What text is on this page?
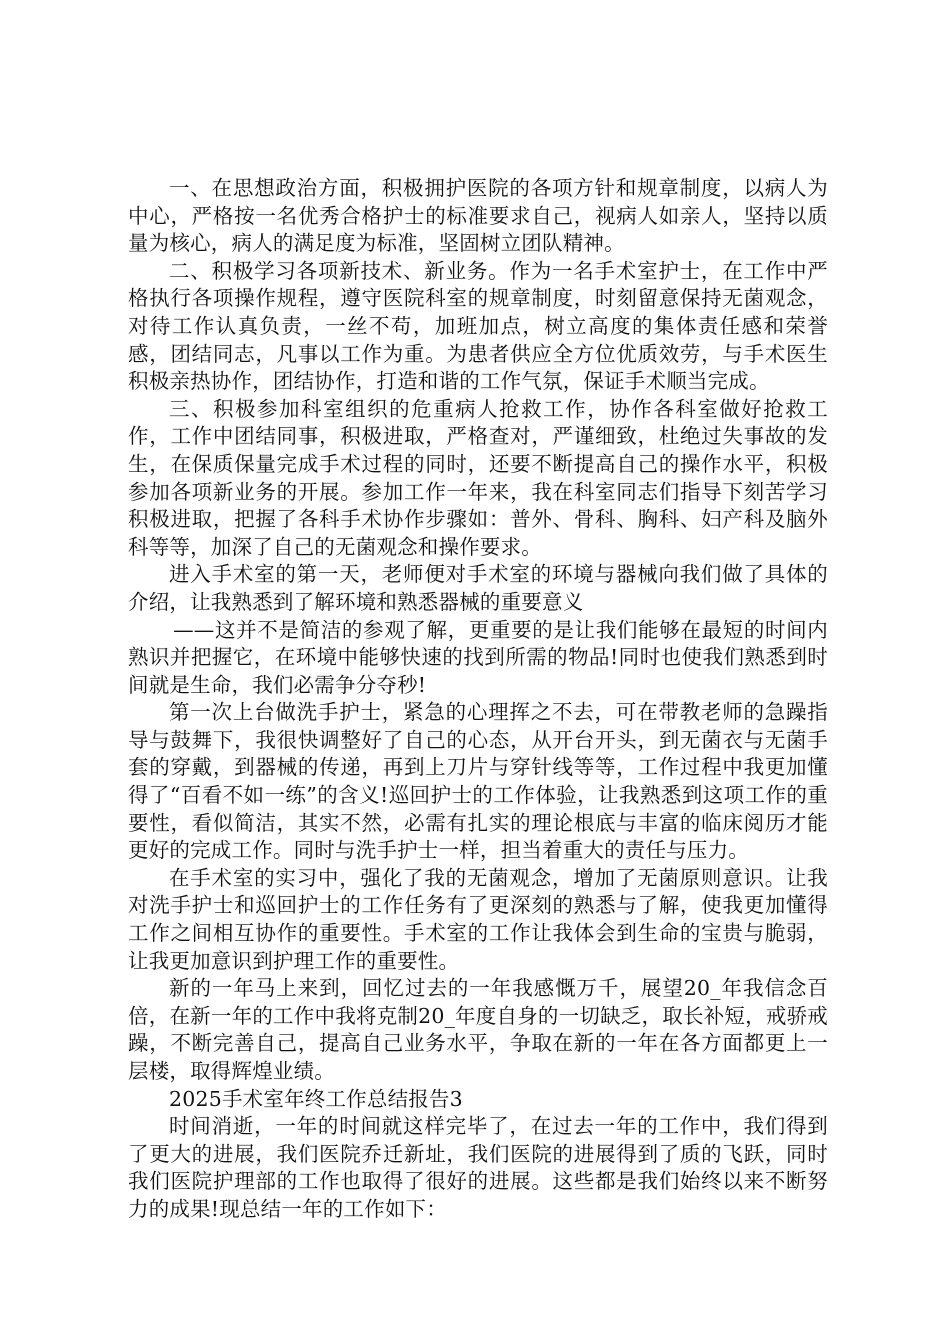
一、在思想政治方面，积极拥护医院的各项方针和规章制度，以病人为中心，严格按一名优秀合格护士的标准要求自己，视病人如亲人，坚持以质量为核心，病人的满足度为标准，坚固树立团队精神。

二、积极学习各项新技术、新业务。作为一名手术室护士，在工作中严格执行各项操作规程，遵守医院科室的规章制度，时刻留意保持无菌观念，对待工作认真负责，一丝不苟，加班加点，树立高度的集体责任感和荣誉感，团结同志，凡事以工作为重。为患者供应全方位优质效劳，与手术医生积极亲热协作，团结协作，打造和谐的工作气氛，保证手术顺当完成。

三、积极参加科室组织的危重病人抢救工作，协作各科室做好抢救工作，工作中团结同事，积极进取，严格查对，严谨细致，杜绝过失事故的发生，在保质保量完成手术过程的同时，还要不断提高自己的操作水平，积极参加各项新业务的开展。参加工作一年来，我在科室同志们指导下刻苦学习积极进取，把握了各科手术协作步骤如：普外、骨科、胸科、妇产科及脑外科等等，加深了自己的无菌观念和操作要求。

进入手术室的第一天，老师便对手术室的环境与器械向我们做了具体的介绍，让我熟悉到了解环境和熟悉器械的重要意义

——这并不是简洁的参观了解，更重要的是让我们能够在最短的时间内熟识并把握它，在环境中能够快速的找到所需的物品!同时也使我们熟悉到时间就是生命，我们必需争分夺秒!

第一次上台做洗手护士，紧急的心理挥之不去，可在带教老师的急躁指导与鼓舞下，我很快调整好了自己的心态，从开台开头，到无菌衣与无菌手套的穿戴，到器械的传递，再到上刀片与穿针线等等，工作过程中我更加懂得了“百看不如一练”的含义!巡回护士的工作体验，让我熟悉到这项工作的重要性，看似简洁，其实不然，必需有扎实的理论根底与丰富的临床阅历才能更好的完成工作。同时与洗手护士一样，担当着重大的责任与压力。

在手术室的实习中，强化了我的无菌观念，增加了无菌原则意识。让我对洗手护士和巡回护士的工作任务有了更深刻的熟悉与了解，使我更加懂得工作之间相互协作的重要性。手术室的工作让我体会到生命的宝贵与脆弱，让我更加意识到护理工作的重要性。

新的一年马上来到，回忆过去的一年我感慨万千，展望20_年我信念百倍，在新一年的工作中我将克制20_年度自身的一切缺乏，取长补短，戒骄戒躁，不断完善自己，提高自己业务水平，争取在新的一年在各方面都更上一层楼，取得辉煌业绩。

2025手术室年终工作总结报告3

时间消逝，一年的时间就这样完毕了，在过去一年的工作中，我们得到了更大的进展，我们医院乔迁新址，我们医院的进展得到了质的飞跃，同时我们医院护理部的工作也取得了很好的进展。这些都是我们始终以来不断努力的成果!现总结一年的工作如下：
